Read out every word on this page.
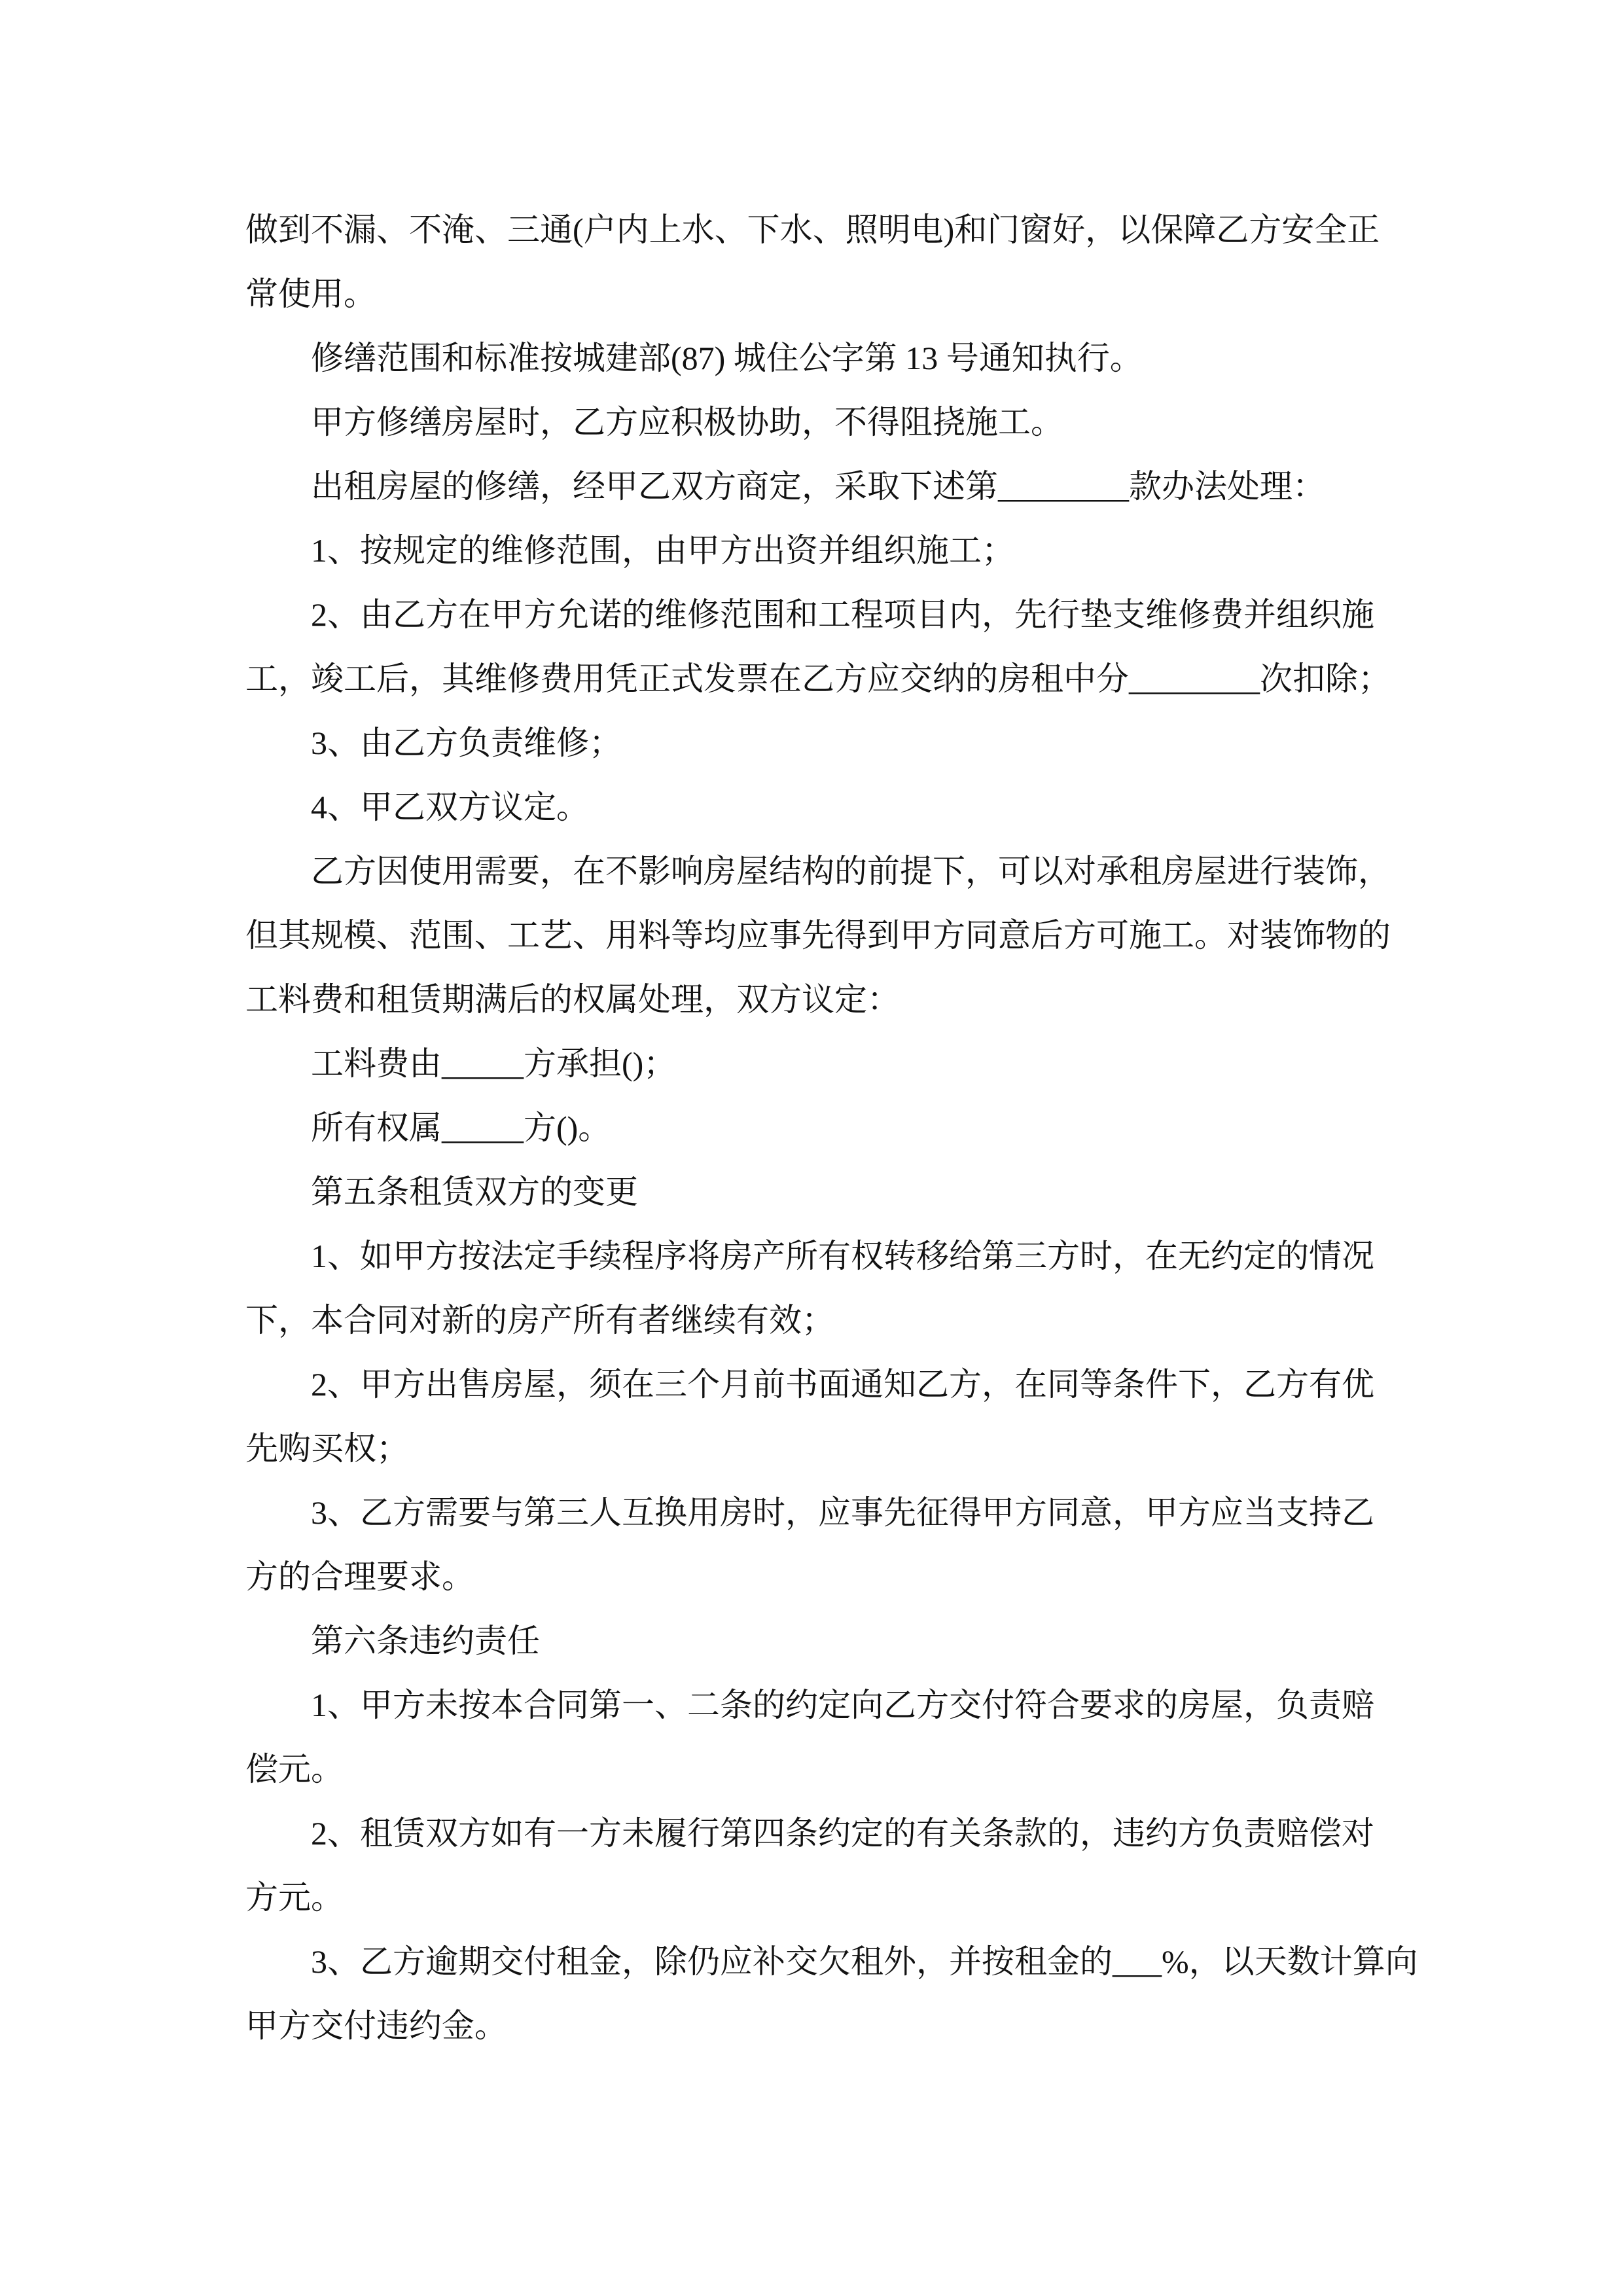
做到不漏、不淹、三通(户内上水、下水、照明电)和门窗好，以保障乙方安全正
常使用。
修缮范围和标准按城建部(87) 城住公字第 13 号通知执行。
甲方修缮房屋时，乙方应积极协助，不得阻挠施工。
出租房屋的修缮，经甲乙双方商定，采取下述第________款办法处理：
1、按规定的维修范围，由甲方出资并组织施工；
2、由乙方在甲方允诺的维修范围和工程项目内，先行垫支维修费并组织施
工，竣工后，其维修费用凭正式发票在乙方应交纳的房租中分________次扣除；
3、由乙方负责维修；
4、甲乙双方议定。
乙方因使用需要，在不影响房屋结构的前提下，可以对承租房屋进行装饰，
但其规模、范围、工艺、用料等均应事先得到甲方同意后方可施工。对装饰物的
工料费和租赁期满后的权属处理，双方议定：
工料费由_____方承担()；
所有权属_____方()。
第五条租赁双方的变更
1、如甲方按法定手续程序将房产所有权转移给第三方时，在无约定的情况
下，本合同对新的房产所有者继续有效；
2、甲方出售房屋，须在三个月前书面通知乙方，在同等条件下，乙方有优
先购买权；
3、乙方需要与第三人互换用房时，应事先征得甲方同意，甲方应当支持乙
方的合理要求。
第六条违约责任
1、甲方未按本合同第一、二条的约定向乙方交付符合要求的房屋，负责赔
偿元。
2、租赁双方如有一方未履行第四条约定的有关条款的，违约方负责赔偿对
方元。
3、乙方逾期交付租金，除仍应补交欠租外，并按租金的___%，以天数计算向
甲方交付违约金。
